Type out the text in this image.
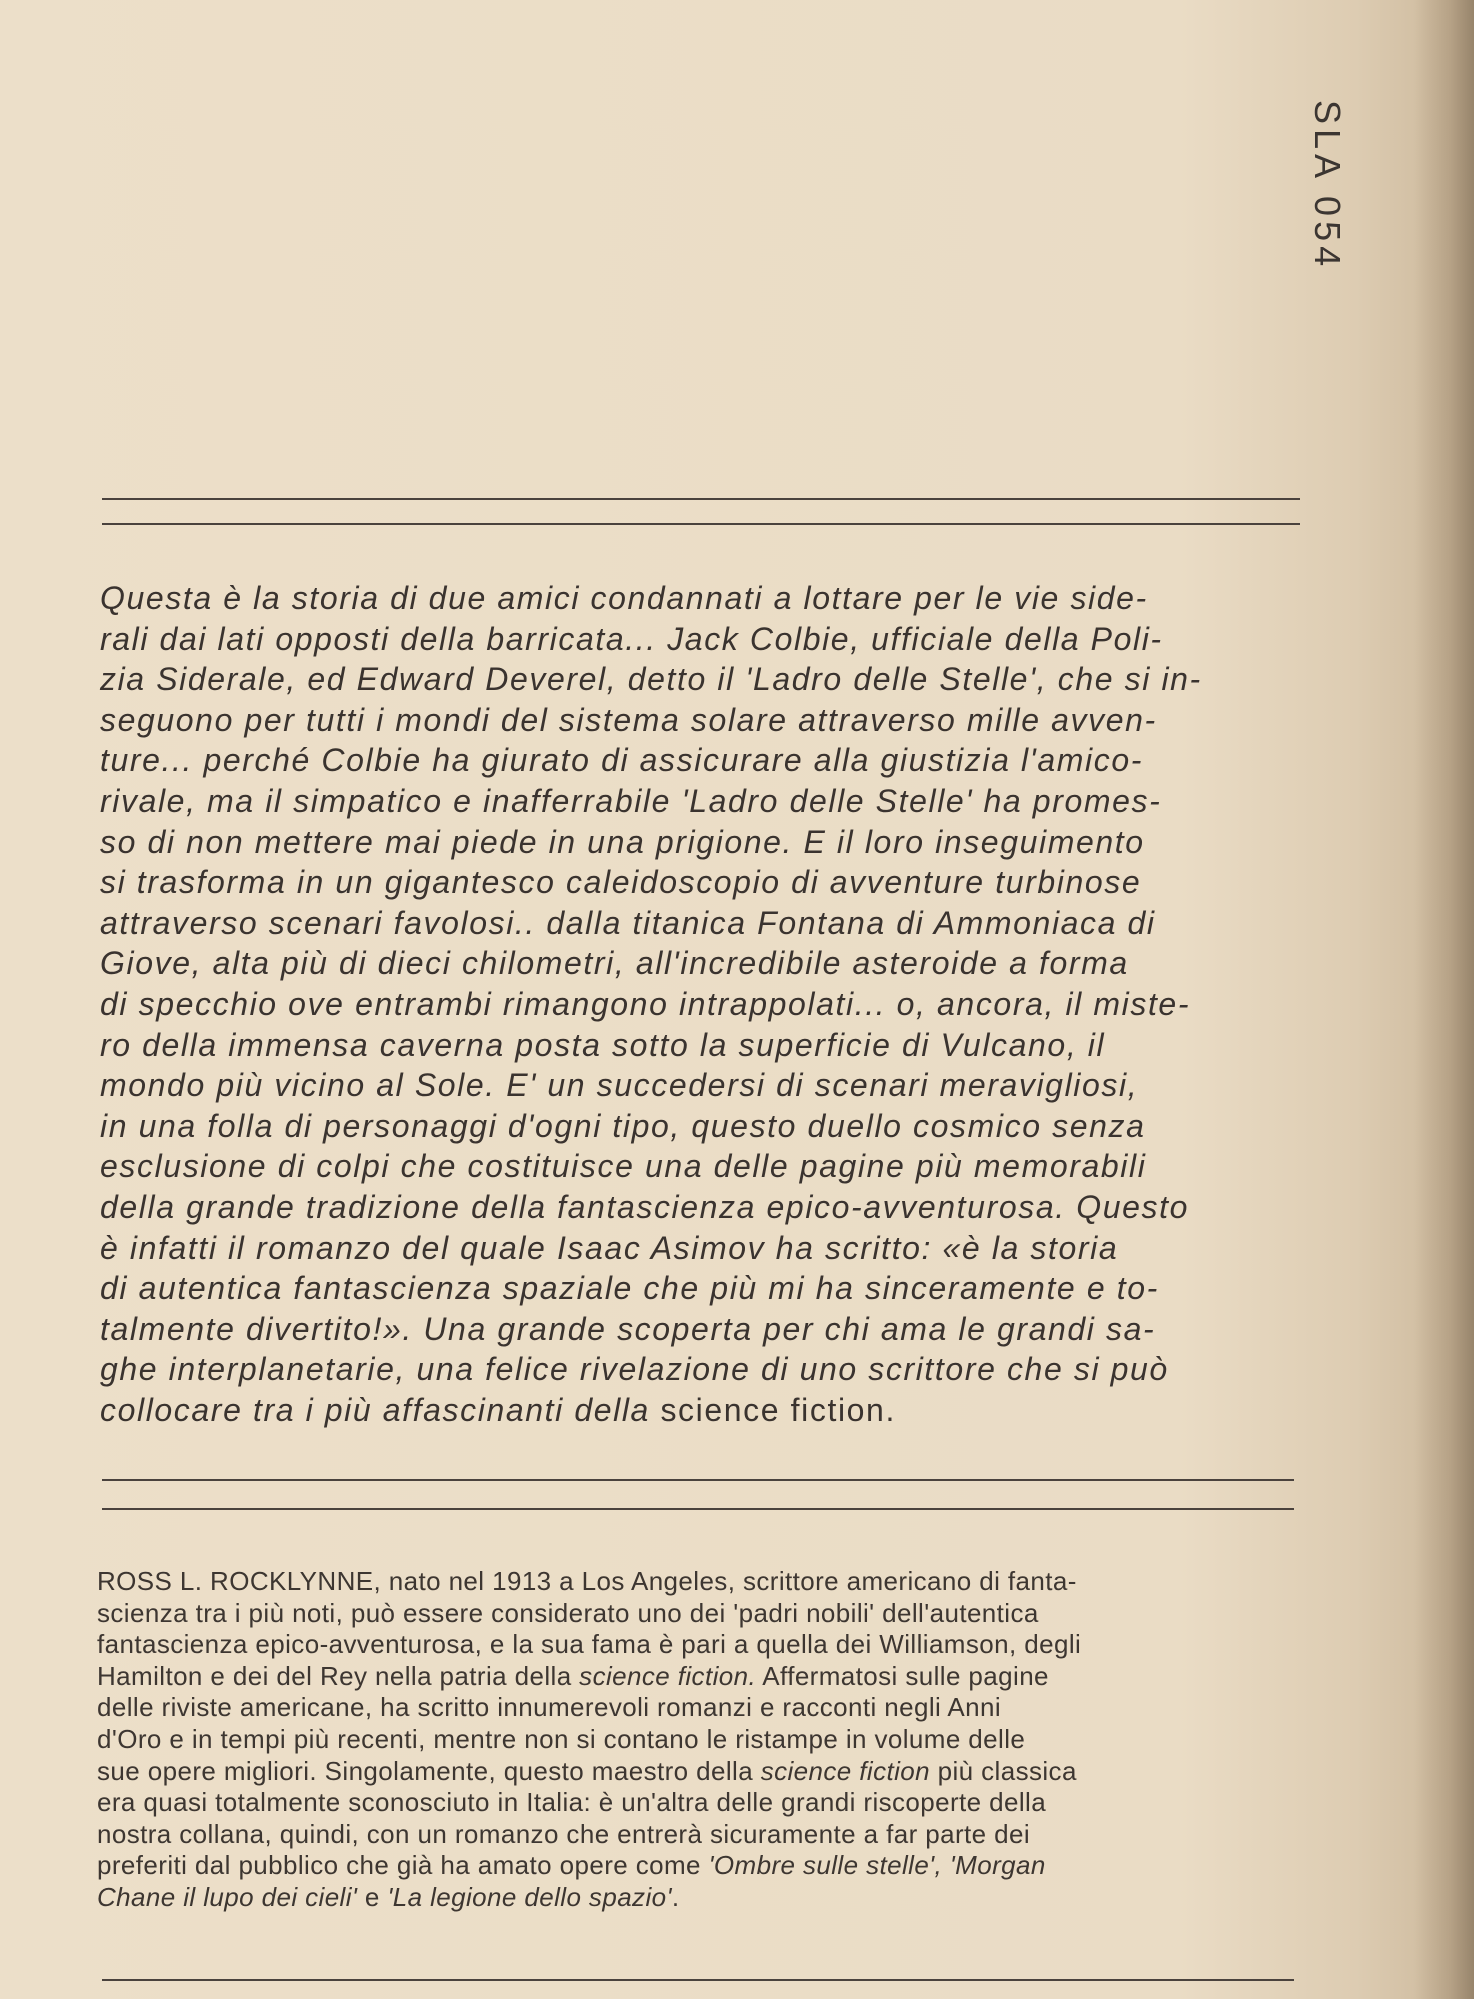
SLA 054
Questa è la storia di due amici condannati a lottare per le vie side-
rali dai lati opposti della barricata... Jack Colbie, ufficiale della Poli-
zia Siderale, ed Edward Deverel, detto il 'Ladro delle Stelle', che si in-
seguono per tutti i mondi del sistema solare attraverso mille avven-
ture... perché Colbie ha giurato di assicurare alla giustizia l'amico-
rivale, ma il simpatico e inafferrabile 'Ladro delle Stelle' ha promes-
so di non mettere mai piede in una prigione. E il loro inseguimento
si trasforma in un gigantesco caleidoscopio di avventure turbinose
attraverso scenari favolosi.. dalla titanica Fontana di Ammoniaca di
Giove, alta più di dieci chilometri, all'incredibile asteroide a forma
di specchio ove entrambi rimangono intrappolati... o, ancora, il miste-
ro della immensa caverna posta sotto la superficie di Vulcano, il
mondo più vicino al Sole. E' un succedersi di scenari meravigliosi,
in una folla di personaggi d'ogni tipo, questo duello cosmico senza
esclusione di colpi che costituisce una delle pagine più memorabili
della grande tradizione della fantascienza epico-avventurosa. Questo
è infatti il romanzo del quale Isaac Asimov ha scritto: «è la storia
di autentica fantascienza spaziale che più mi ha sinceramente e to-
talmente divertito!». Una grande scoperta per chi ama le grandi sa-
ghe interplanetarie, una felice rivelazione di uno scrittore che si può
collocare tra i più affascinanti della science fiction.
ROSS L. ROCKLYNNE, nato nel 1913 a Los Angeles, scrittore americano di fanta-
scienza tra i più noti, può essere considerato uno dei 'padri nobili' dell'autentica
fantascienza epico-avventurosa, e la sua fama è pari a quella dei Williamson, degli
Hamilton e dei del Rey nella patria della science fiction. Affermatosi sulle pagine
delle riviste americane, ha scritto innumerevoli romanzi e racconti negli Anni
d'Oro e in tempi più recenti, mentre non si contano le ristampe in volume delle
sue opere migliori. Singolamente, questo maestro della science fiction più classica
era quasi totalmente sconosciuto in Italia: è un'altra delle grandi riscoperte della
nostra collana, quindi, con un romanzo che entrerà sicuramente a far parte dei
preferiti dal pubblico che già ha amato opere come 'Ombre sulle stelle', 'Morgan
Chane il lupo dei cieli' e 'La legione dello spazio'.
